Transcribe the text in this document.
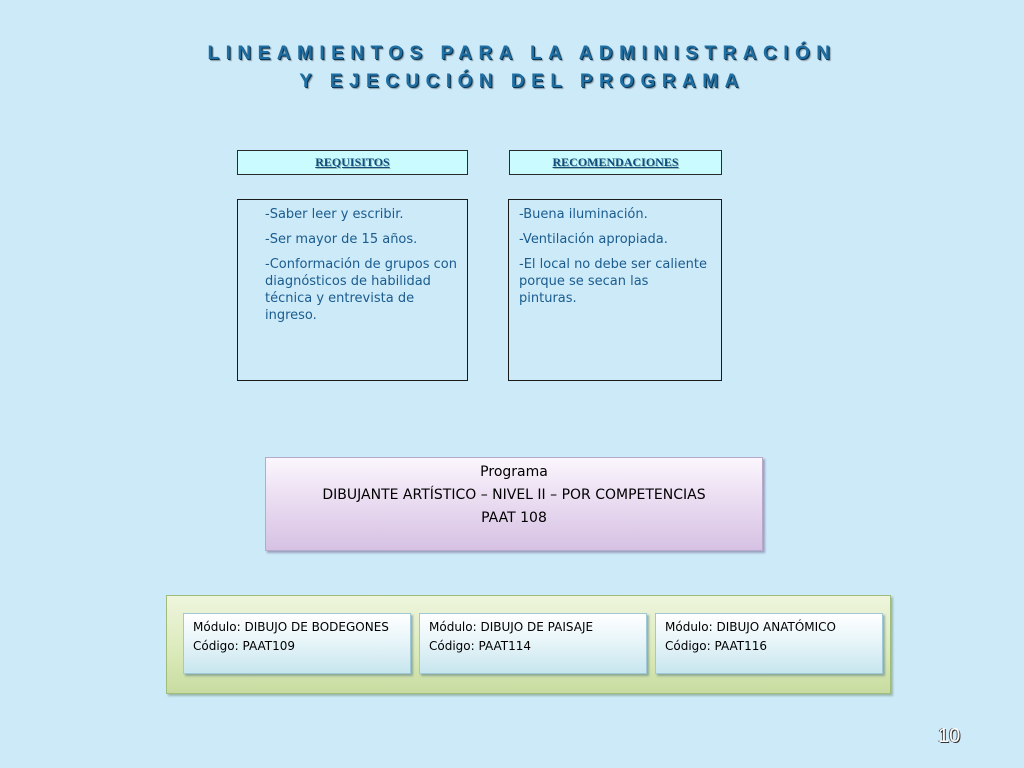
LINEAMIENTOS PARA LA ADMINISTRACIÓN
Y EJECUCIÓN DEL PROGRAMA
REQUISITOS	RECOMENDACIONES

-Saber leer y escribir.

-Ser mayor de 15 años.

-Conformación de grupos con diagnósticos de habilidad técnica y entrevista de ingreso.

-Buena iluminación.

-Ventilación apropiada.

-El local no debe ser caliente porque se secan las pinturas.

Programa
DIBUJANTE ARTÍSTICO – NIVEL II – POR COMPETENCIAS
PAAT 108
Módulo: DIBUJO DE BODEGONES
Código: PAAT109
Módulo: DIBUJO DE PAISAJE
Código: PAAT114
Módulo: DIBUJO ANATÓMICO
Código: PAAT116
10
